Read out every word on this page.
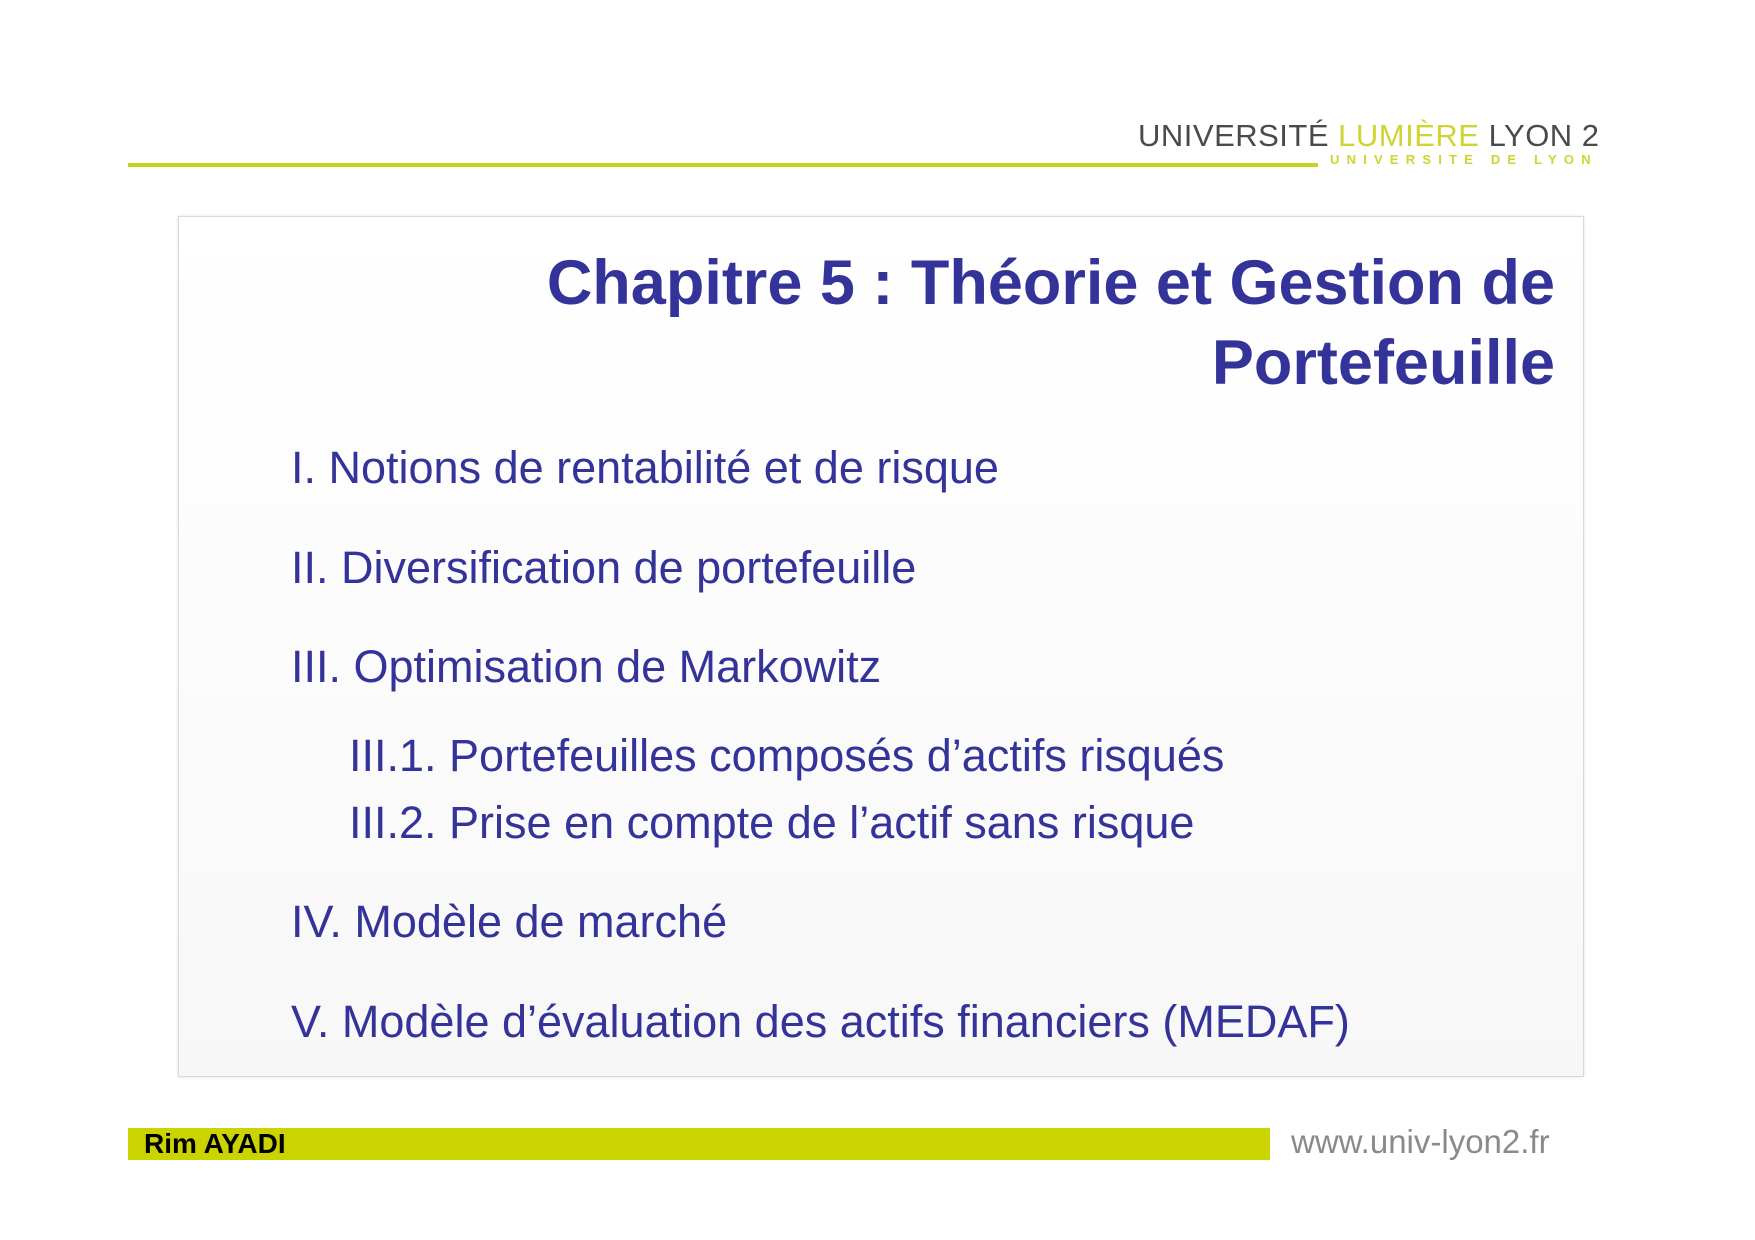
UNIVERSITÉ LUMIÈRE LYON 2
UNIVERSITE DE LYON
Chapitre 5 : Théorie et Gestion de
Portefeuille
I. Notions de rentabilité et de risque
II. Diversification de portefeuille
III. Optimisation de Markowitz
III.1. Portefeuilles composés d’actifs risqués
III.2. Prise en compte de l’actif sans risque
IV. Modèle de marché
V. Modèle d’évaluation des actifs financiers (MEDAF)
Rim AYADI	www.univ-lyon2.fr
